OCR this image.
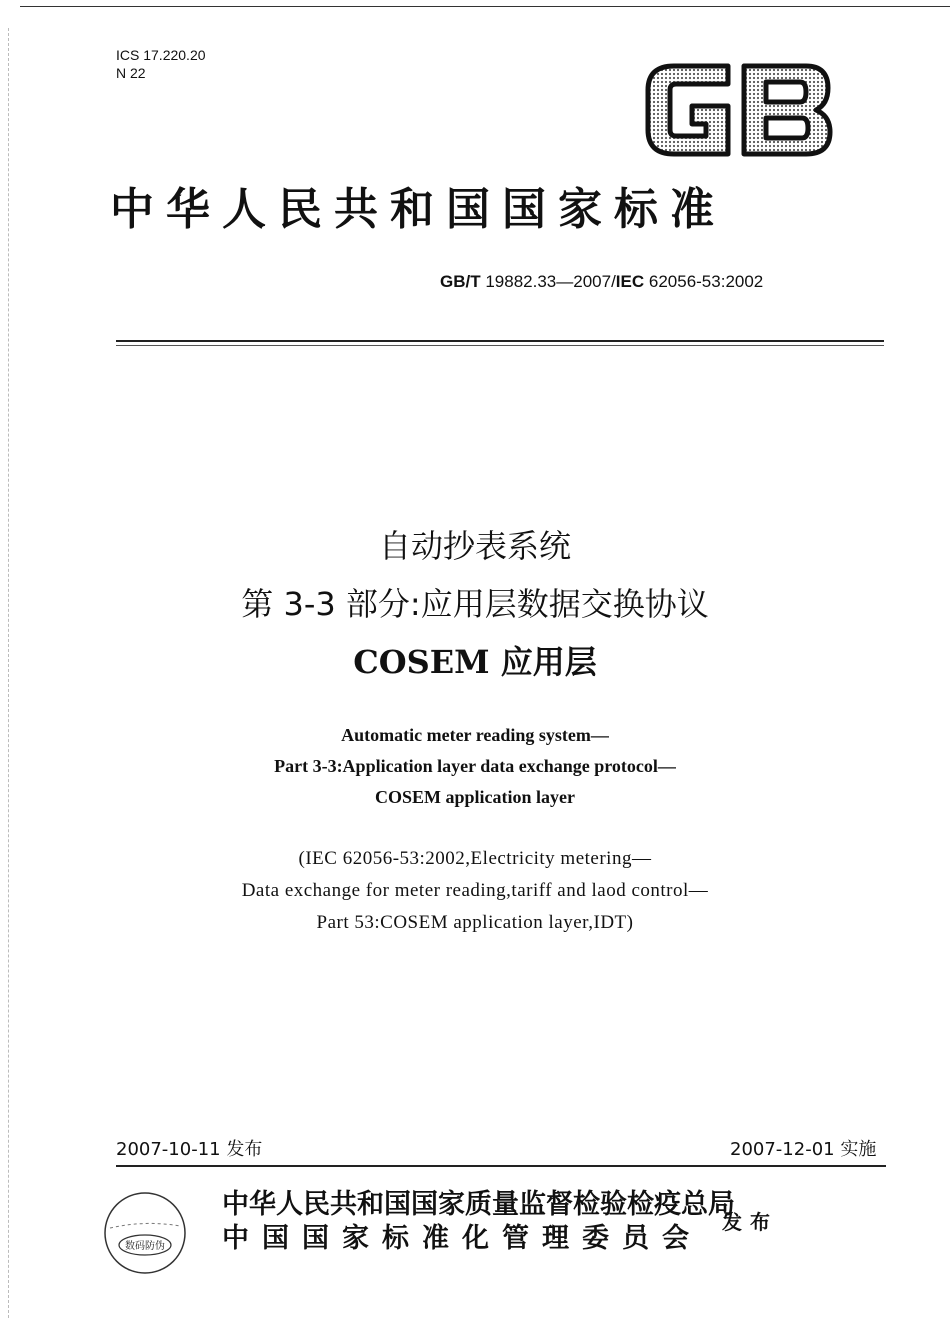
ICS 17.220.20
N 22
GB
中华人民共和国国家标准
GB/T 19882.33—2007/IEC 62056-53:2002
自动抄表系统
第 3-3 部分:应用层数据交换协议
COSEM 应用层
Automatic meter reading system—
Part 3-3:Application layer data exchange protocol—
COSEM application layer
(IEC 62056-53:2002,Electricity metering—
Data exchange for meter reading,tariff and laod control—
Part 53:COSEM application layer,IDT)
2007-10-11 发布	2007-12-01 实施
数码防伪
中华人民共和国国家质量监督检验检疫总局
中国国家标准化管理委员会
发布
